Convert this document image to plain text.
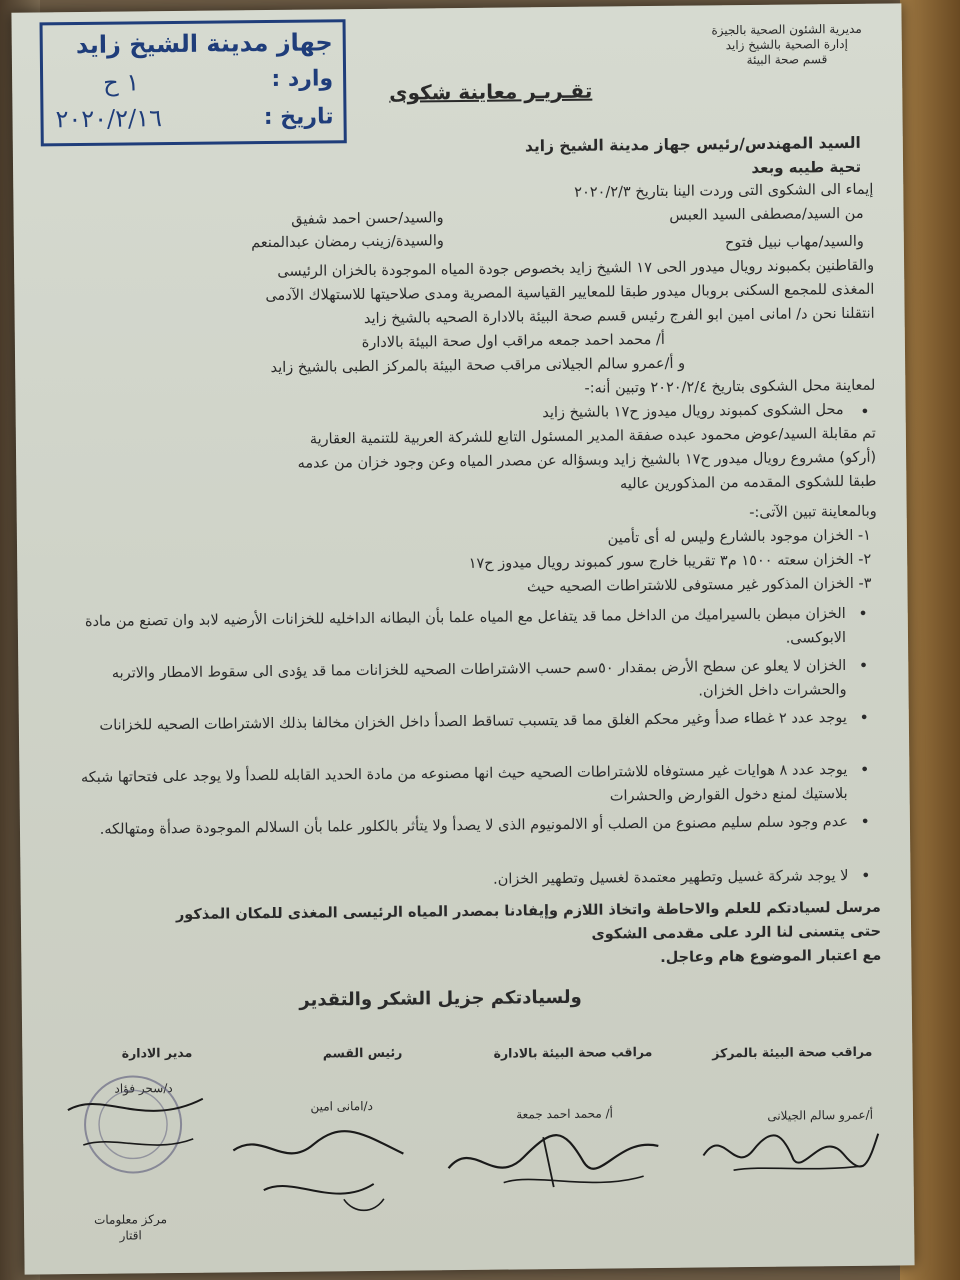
جهاز مدينة الشيخ زايد
وارد :
١ ح
تاريخ :
٢٠٢٠/٢/١٦
مديرية الشئون الصحية بالجيزة
إدارة الصحية بالشيخ زايد
قسم صحة البيئة
تقـريـر معاينة شكوى
السيد المهندس/رئيس جهاز مدينة الشيخ زايد
تحية طيبه وبعد
إيماء الى الشكوى التى وردت الينا بتاريخ ٢٠٢٠/٢/٣
من السيد/مصطفى السيد العبس
والسيد/حسن احمد شفيق
والسيدة/زينب رمضان عبدالمنعم	والسيد/مهاب نبيل فتوح
والقاطنين بكمبوند رويال ميدور الحى ١٧ الشيخ زايد بخصوص جودة المياه الموجودة بالخزان الرئيسى
المغذى للمجمع السكنى بروبال ميدور طبقا للمعايير القياسية المصرية ومدى صلاحيتها للاستهلاك الآدمى
انتقلنا نحن د/ امانى امين ابو الفرج رئيس قسم صحة البيئة بالادارة الصحيه بالشيخ زايد
أ/ محمد احمد جمعه مراقب اول صحة البيئة بالادارة
و أ/عمرو سالم الجيلانى مراقب صحة البيئة بالمركز الطبى بالشيخ زايد
لمعاينة محل الشكوى بتاريخ ٢٠٢٠/٢/٤ وتبين أنه:-
•
محل الشكوى كمبوند رويال ميدوز ح١٧ بالشيخ زايد
تم مقابلة السيد/عوض محمود عبده صفقة المدير المسئول التابع للشركة العربية للتنمية العقارية
(أركو) مشروع رويال ميدور ح١٧ بالشيخ زايد وبسؤاله عن مصدر المياه وعن وجود خزان من عدمه
طبقا للشكوى المقدمه من المذكورين عاليه
وبالمعاينة تبين الآتى:-
١- الخزان موجود بالشارع وليس له أى تأمين
٢- الخزان سعته ١٥٠٠ م٣ تقريبا خارج سور كمبوند رويال ميدوز ح١٧
٣- الخزان المذكور غير مستوفى للاشتراطات الصحيه حيث
•
الخزان مبطن بالسيراميك من الداخل مما قد يتفاعل مع المياه علما بأن البطانه الداخليه للخزانات الأرضيه لابد وان تصنع من مادة الابوكسى.
•
الخزان لا يعلو عن سطح الأرض بمقدار ٥٠سم حسب الاشتراطات الصحيه للخزانات مما قد يؤدى الى سقوط الامطار والاتربه والحشرات داخل الخزان.
•
يوجد عدد ٢ غطاء صدأ وغير محكم الغلق مما قد يتسبب تساقط الصدأ داخل الخزان مخالفا بذلك الاشتراطات الصحيه للخزانات
•
يوجد عدد ٨ هوايات غير مستوفاه للاشتراطات الصحيه حيث انها مصنوعه من مادة الحديد القابله للصدأ ولا يوجد على فتحاتها شبكه بلاستيك لمنع دخول القوارض والحشرات
•
عدم وجود سلم سليم مصنوع من الصلب أو الالمونيوم الذى لا يصدأ ولا يتأثر بالكلور علما بأن السلالم الموجودة صدأة ومتهالكه.
•
لا يوجد شركة غسيل وتطهير معتمدة لغسيل وتطهير الخزان.
مرسل لسيادتكم للعلم والاحاطة واتخاذ اللازم وإيفادنا بمصدر المياه الرئيسى المغذى للمكان المذكور
حتى يتسنى لنا الرد على مقدمى الشكوى
مع اعتبار الموضوع هام وعاجل.
ولسيادتكم جزيل الشكر والتقدير
مراقب صحة البيئة بالمركز
مراقب صحة البيئة بالادارة
رئيس القسم
مدير الادارة
أ/عمرو سالم الجيلانى
أ/ محمد احمد جمعة
د/امانى امين
د/سحر فؤاد
مركز معلومات
اقتار
